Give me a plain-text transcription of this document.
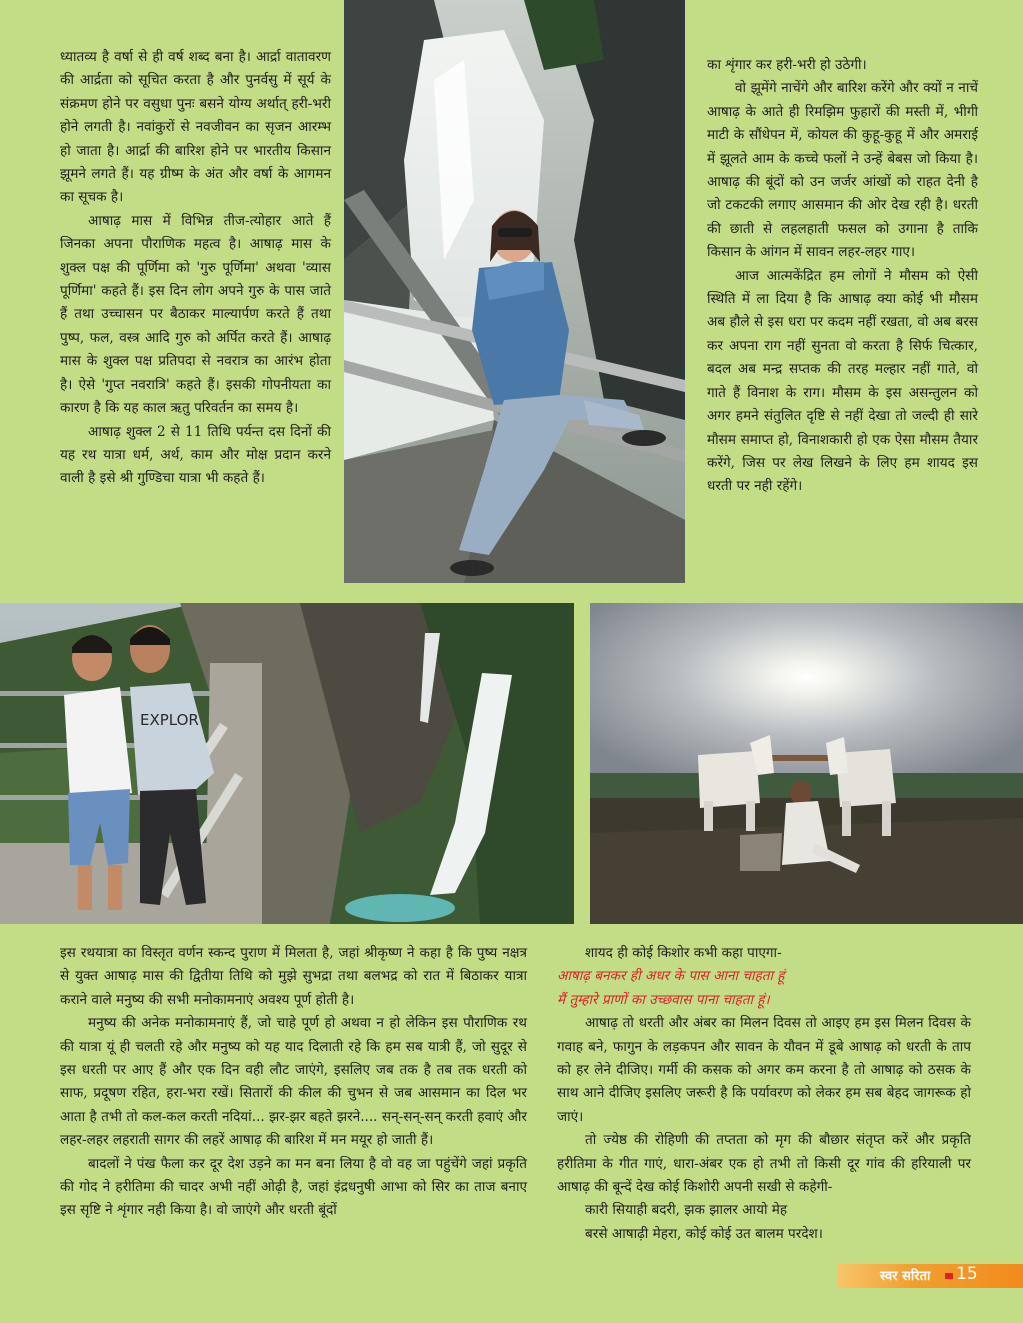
ध्यातव्य है वर्षा से ही वर्ष शब्द बना है। आर्द्रा वातावरण की आर्द्रता को सूचित करता है और पुनर्वसु में सूर्य के संक्रमण होने पर वसुधा पुनः बसने योग्य अर्थात् हरी-भरी होने लगती है। नवांकुरों से नवजीवन का सृजन आरम्भ हो जाता है। आर्द्रा की बारिश होने पर भारतीय किसान झूमने लगते हैं। यह ग्रीष्म के अंत और वर्षा के आगमन का सूचक है।

आषाढ़ मास में विभिन्न तीज-त्योहार आते हैं जिनका अपना पौराणिक महत्व है। आषाढ़ मास के शुक्ल पक्ष की पूर्णिमा को 'गुरु पूर्णिमा' अथवा 'व्यास पूर्णिमा' कहते हैं। इस दिन लोग अपने गुरु के पास जाते हैं तथा उच्चासन पर बैठाकर माल्यार्पण करते हैं तथा पुष्प, फल, वस्त्र आदि गुरु को अर्पित करते हैं। आषाढ़ मास के शुक्ल पक्ष प्रतिपदा से नवरात्र का आरंभ होता है। ऐसे 'गुप्त नवरात्रि' कहते हैं। इसकी गोपनीयता का कारण है कि यह काल ऋतु परिवर्तन का समय है।

आषाढ़ शुक्ल 2 से 11 तिथि पर्यन्त दस दिनों की यह रथ यात्रा धर्म, अर्थ, काम और मोक्ष प्रदान करने वाली है इसे श्री गुण्डिचा यात्रा भी कहते हैं।

का शृंगार कर हरी-भरी हो उठेगी।

वो झूमेंगे नाचेंगे और बारिश करेंगे और क्यों न नाचें आषाढ़ के आते ही रिमझिम फुहारों की मस्ती में, भीगी माटी के सौंधेपन में, कोयल की कुहू-कुहू में और अमराई में झूलते आम के कच्चे फलों ने उन्हें बेबस जो किया है। आषाढ़ की बूंदों को उन जर्जर आंखों को राहत देनी है जो टकटकी लगाए आसमान की ओर देख रही है। धरती की छाती से लहलहाती फसल को उगाना है ताकि किसान के आंगन में सावन लहर-लहर गाए।

आज आत्मकेंद्रित हम लोगों ने मौसम को ऐसी स्थिति में ला दिया है कि आषाढ़ क्या कोई भी मौसम अब हौले से इस धरा पर कदम नहीं रखता, वो अब बरस कर अपना राग नहीं सुनता वो करता है सिर्फ चित्कार, बदल अब मन्द्र सप्तक की तरह मल्हार नहीं गाते, वो गाते हैं विनाश के राग। मौसम के इस असन्तुलन को अगर हमने संतुलित दृष्टि से नहीं देखा तो जल्दी ही सारे मौसम समाप्त हो, विनाशकारी हो एक ऐसा मौसम तैयार करेंगे, जिस पर लेख लिखने के लिए हम शायद इस धरती पर नही रहेंगे।

EXPLOR

इस रथयात्रा का विस्तृत वर्णन स्कन्द पुराण में मिलता है, जहां श्रीकृष्ण ने कहा है कि पुष्य नक्षत्र से युक्त आषाढ़ मास की द्वितीया तिथि को मुझे सुभद्रा तथा बलभद्र को रात में बिठाकर यात्रा कराने वाले मनुष्य की सभी मनोकामनाएं अवश्य पूर्ण होती है।

मनुष्य की अनेक मनोकामनाएं हैं, जो चाहे पूर्ण हो अथवा न हो लेकिन इस पौराणिक रथ की यात्रा यूं ही चलती रहे और मनुष्य को यह याद दिलाती रहे कि हम सब यात्री हैं, जो सुदूर से इस धरती पर आए हैं और एक दिन वही लौट जाएंगे, इसलिए जब तक है तब तक धरती को साफ, प्रदूषण रहित, हरा-भरा रखें। सितारों की कील की चुभन से जब आसमान का दिल भर आता है तभी तो कल-कल करती नदियां... झर-झर बहते झरने.... सन्-सन्-सन् करती हवाएं और लहर-लहर लहराती सागर की लहरें आषाढ़ की बारिश में मन मयूर हो जाती हैं।

बादलों ने पंख फैला कर दूर देश उड़ने का मन बना लिया है वो वह जा पहुंचेंगे जहां प्रकृति की गोद ने हरीतिमा की चादर अभी नहीं ओढ़ी है, जहां इंद्रधनुषी आभा को सिर का ताज बनाए इस सृष्टि ने शृंगार नही किया है। वो जाएंगे और धरती बूंदों

शायद ही कोई किशोर कभी कहा पाएगा-

आषाढ़ बनकर ही अधर के पास आना चाहता हूं

मैं तुम्हारे प्राणों का उच्छवास पाना चाहता हूं।

आषाढ़ तो धरती और अंबर का मिलन दिवस तो आइए हम इस मिलन दिवस के गवाह बने, फागुन के लड़कपन और सावन के यौवन में डूबे आषाढ़ को धरती के ताप को हर लेने दीजिए। गर्मी की कसक को अगर कम करना है तो आषाढ़ को ठसक के साथ आने दीजिए इसलिए जरूरी है कि पर्यावरण को लेकर हम सब बेहद जागरूक हो जाएं।

तो ज्येष्ठ की रोहिणी की तप्तता को मृग की बौछार संतृप्त करें और प्रकृति हरीतिमा के गीत गाएं, धारा-अंबर एक हो तभी तो किसी दूर गांव की हरियाली पर आषाढ़ की बून्दें देख कोई किशोरी अपनी सखी से कहेगी-

कारी सियाही बदरी, झक झालर आयो मेह

बरसे आषाढ़ी मेहरा, कोई कोई उत बालम परदेश।

स्वर सरिता 15
